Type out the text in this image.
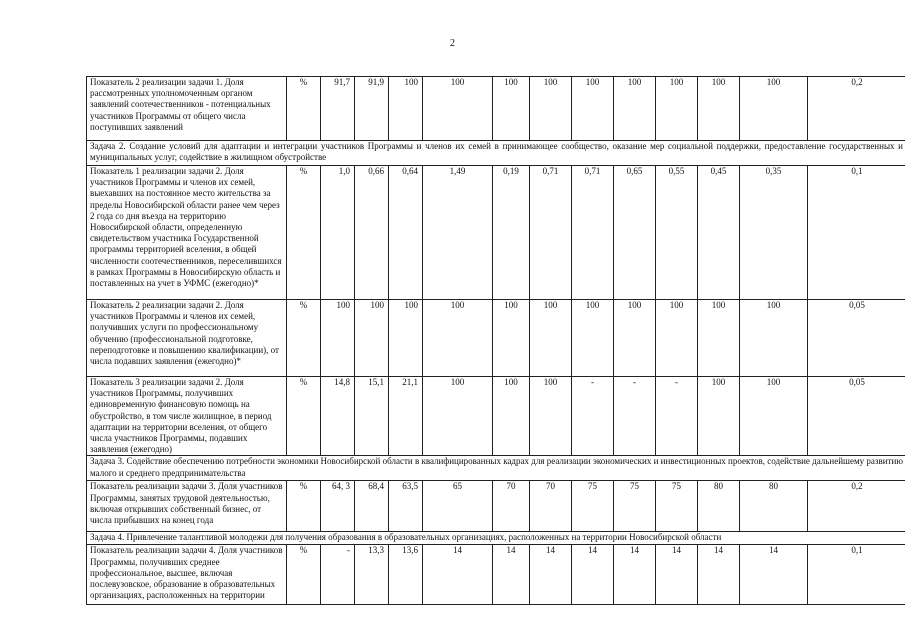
2
Показатель 2 реализации задачи 1. Доля рассмотренных уполномоченным органом заявлений соотечественников - потенциальных участников Программы от общего числа поступивших заявлений	%	91,7	91,9	100	100	100	100	100	100	100	100	100	0,2
Задача 2. Создание условий для адаптации и интеграции участников Программы и членов их семей в принимающее сообщество, оказание мер социальной поддержки, предоставление государственных и муниципальных услуг, содействие в жилищном обустройстве													
Показатель 1 реализации задачи 2. Доля участников Программы и членов их семей, выехавших на постоянное место жительства за пределы Новосибирской области ранее чем через 2 года со дня въезда на территорию Новосибирской области, определенную свидетельством участника Государственной программы территорией вселения, в общей численности соотечественников, переселившихся в рамках Программы в Новосибирскую область и поставленных на учет в УФМС (ежегодно)*	%	1,0	0,66	0,64	1,49	0,19	0,71	0,71	0,65	0,55	0,45	0,35	0,1
Показатель 2 реализации задачи 2. Доля участников Программы и членов их семей, получивших услуги по профессиональному обучению (профессиональной подготовке, переподготовке и повышению квалификации), от числа подавших заявления (ежегодно)*	%	100	100	100	100	100	100	100	100	100	100	100	0,05
Показатель 3 реализации задачи 2. Доля участников Программы, получивших единовременную финансовую помощь на обустройство, в том числе жилищное, в период адаптации на территории вселения, от общего числа участников Программы, подавших заявления (ежегодно)	%	14,8	15,1	21,1	100	100	100	-	-	-	100	100	0,05
Задача 3. Содействие обеспечению потребности экономики Новосибирской области в квалифицированных кадрах для реализации экономических и инвестиционных проектов, содействие дальнейшему развитию малого и среднего предпринимательства													
Показатель реализации задачи 3. Доля участников Программы, занятых трудовой деятельностью, включая открывших собственный бизнес, от числа прибывших на конец года	%	64, 3	68,4	63,5	65	70	70	75	75	75	80	80	0,2
Задача 4. Привлечение талантливой молодежи для получения образования в образовательных организациях, расположенных на территории Новосибирской области													
Показатель реализации задачи 4. Доля участников Программы, получивших среднее профессиональное, высшее, включая послевузовское, образование в образовательных организациях, расположенных на территории	%	-	13,3	13,6	14	14	14	14	14	14	14	14	0,1
